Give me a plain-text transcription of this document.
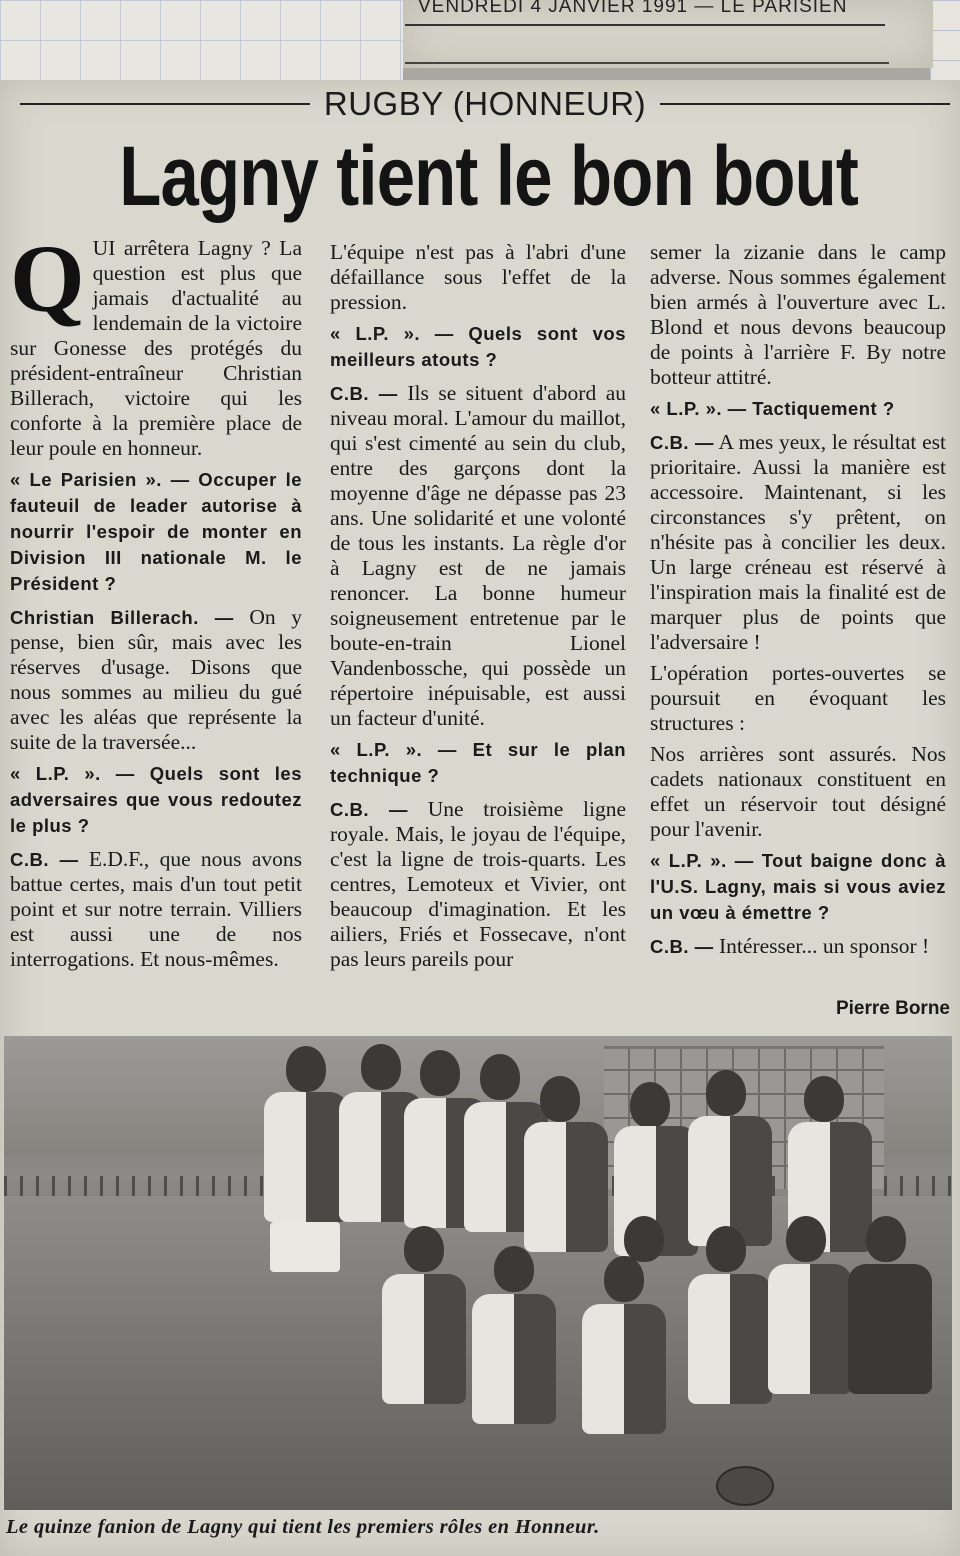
VENDREDI 4 JANVIER 1991 — LE PARISIEN
RUGBY (HONNEUR)
Lagny tient le bon bout

QUI arrêtera Lagny ? La question est plus que jamais d'actualité au lendemain de la victoire sur Gonesse des protégés du président-entraîneur Christian Billerach, victoire qui les conforte à la première place de leur poule en honneur.

« Le Parisien ». — Occuper le fauteuil de leader autorise à nourrir l'espoir de monter en Division III nationale M. le Président ?

Christian Billerach. — On y pense, bien sûr, mais avec les réserves d'usage. Disons que nous sommes au milieu du gué avec les aléas que représente la suite de la traversée...

« L.P. ». — Quels sont les adversaires que vous redoutez le plus ?

C.B. — E.D.F., que nous avons battue certes, mais d'un tout petit point et sur notre terrain. Villiers est aussi une de nos interrogations. Et nous-mêmes.

L'équipe n'est pas à l'abri d'une défaillance sous l'effet de la pression.

« L.P. ». — Quels sont vos meilleurs atouts ?

C.B. — Ils se situent d'abord au niveau moral. L'amour du maillot, qui s'est cimenté au sein du club, entre des garçons dont la moyenne d'âge ne dépasse pas 23 ans. Une solidarité et une volonté de tous les instants. La règle d'or à Lagny est de ne jamais renoncer. La bonne humeur soigneusement entretenue par le boute-en-train Lionel Vandenbossche, qui possède un répertoire inépuisable, est aussi un facteur d'unité.

« L.P. ». — Et sur le plan technique ?

C.B. — Une troisième ligne royale. Mais, le joyau de l'équipe, c'est la ligne de trois-quarts. Les centres, Lemoteux et Vivier, ont beaucoup d'imagination. Et les ailiers, Friés et Fossecave, n'ont pas leurs pareils pour

semer la zizanie dans le camp adverse. Nous sommes également bien armés à l'ouverture avec L. Blond et nous devons beaucoup de points à l'arrière F. By notre botteur attitré.

« L.P. ». — Tactiquement ?

C.B. — A mes yeux, le résultat est prioritaire. Aussi la manière est accessoire. Maintenant, si les circonstances s'y prêtent, on n'hésite pas à concilier les deux. Un large créneau est réservé à l'inspiration mais la finalité est de marquer plus de points que l'adversaire !

L'opération portes-ouvertes se poursuit en évoquant les structures :

Nos arrières sont assurés. Nos cadets nationaux constituent en effet un réservoir tout désigné pour l'avenir.

« L.P. ». — Tout baigne donc à l'U.S. Lagny, mais si vous aviez un vœu à émettre ?

C.B. — Intéresser... un sponsor !

Pierre Borne
Le quinze fanion de Lagny qui tient les premiers rôles en Honneur.
